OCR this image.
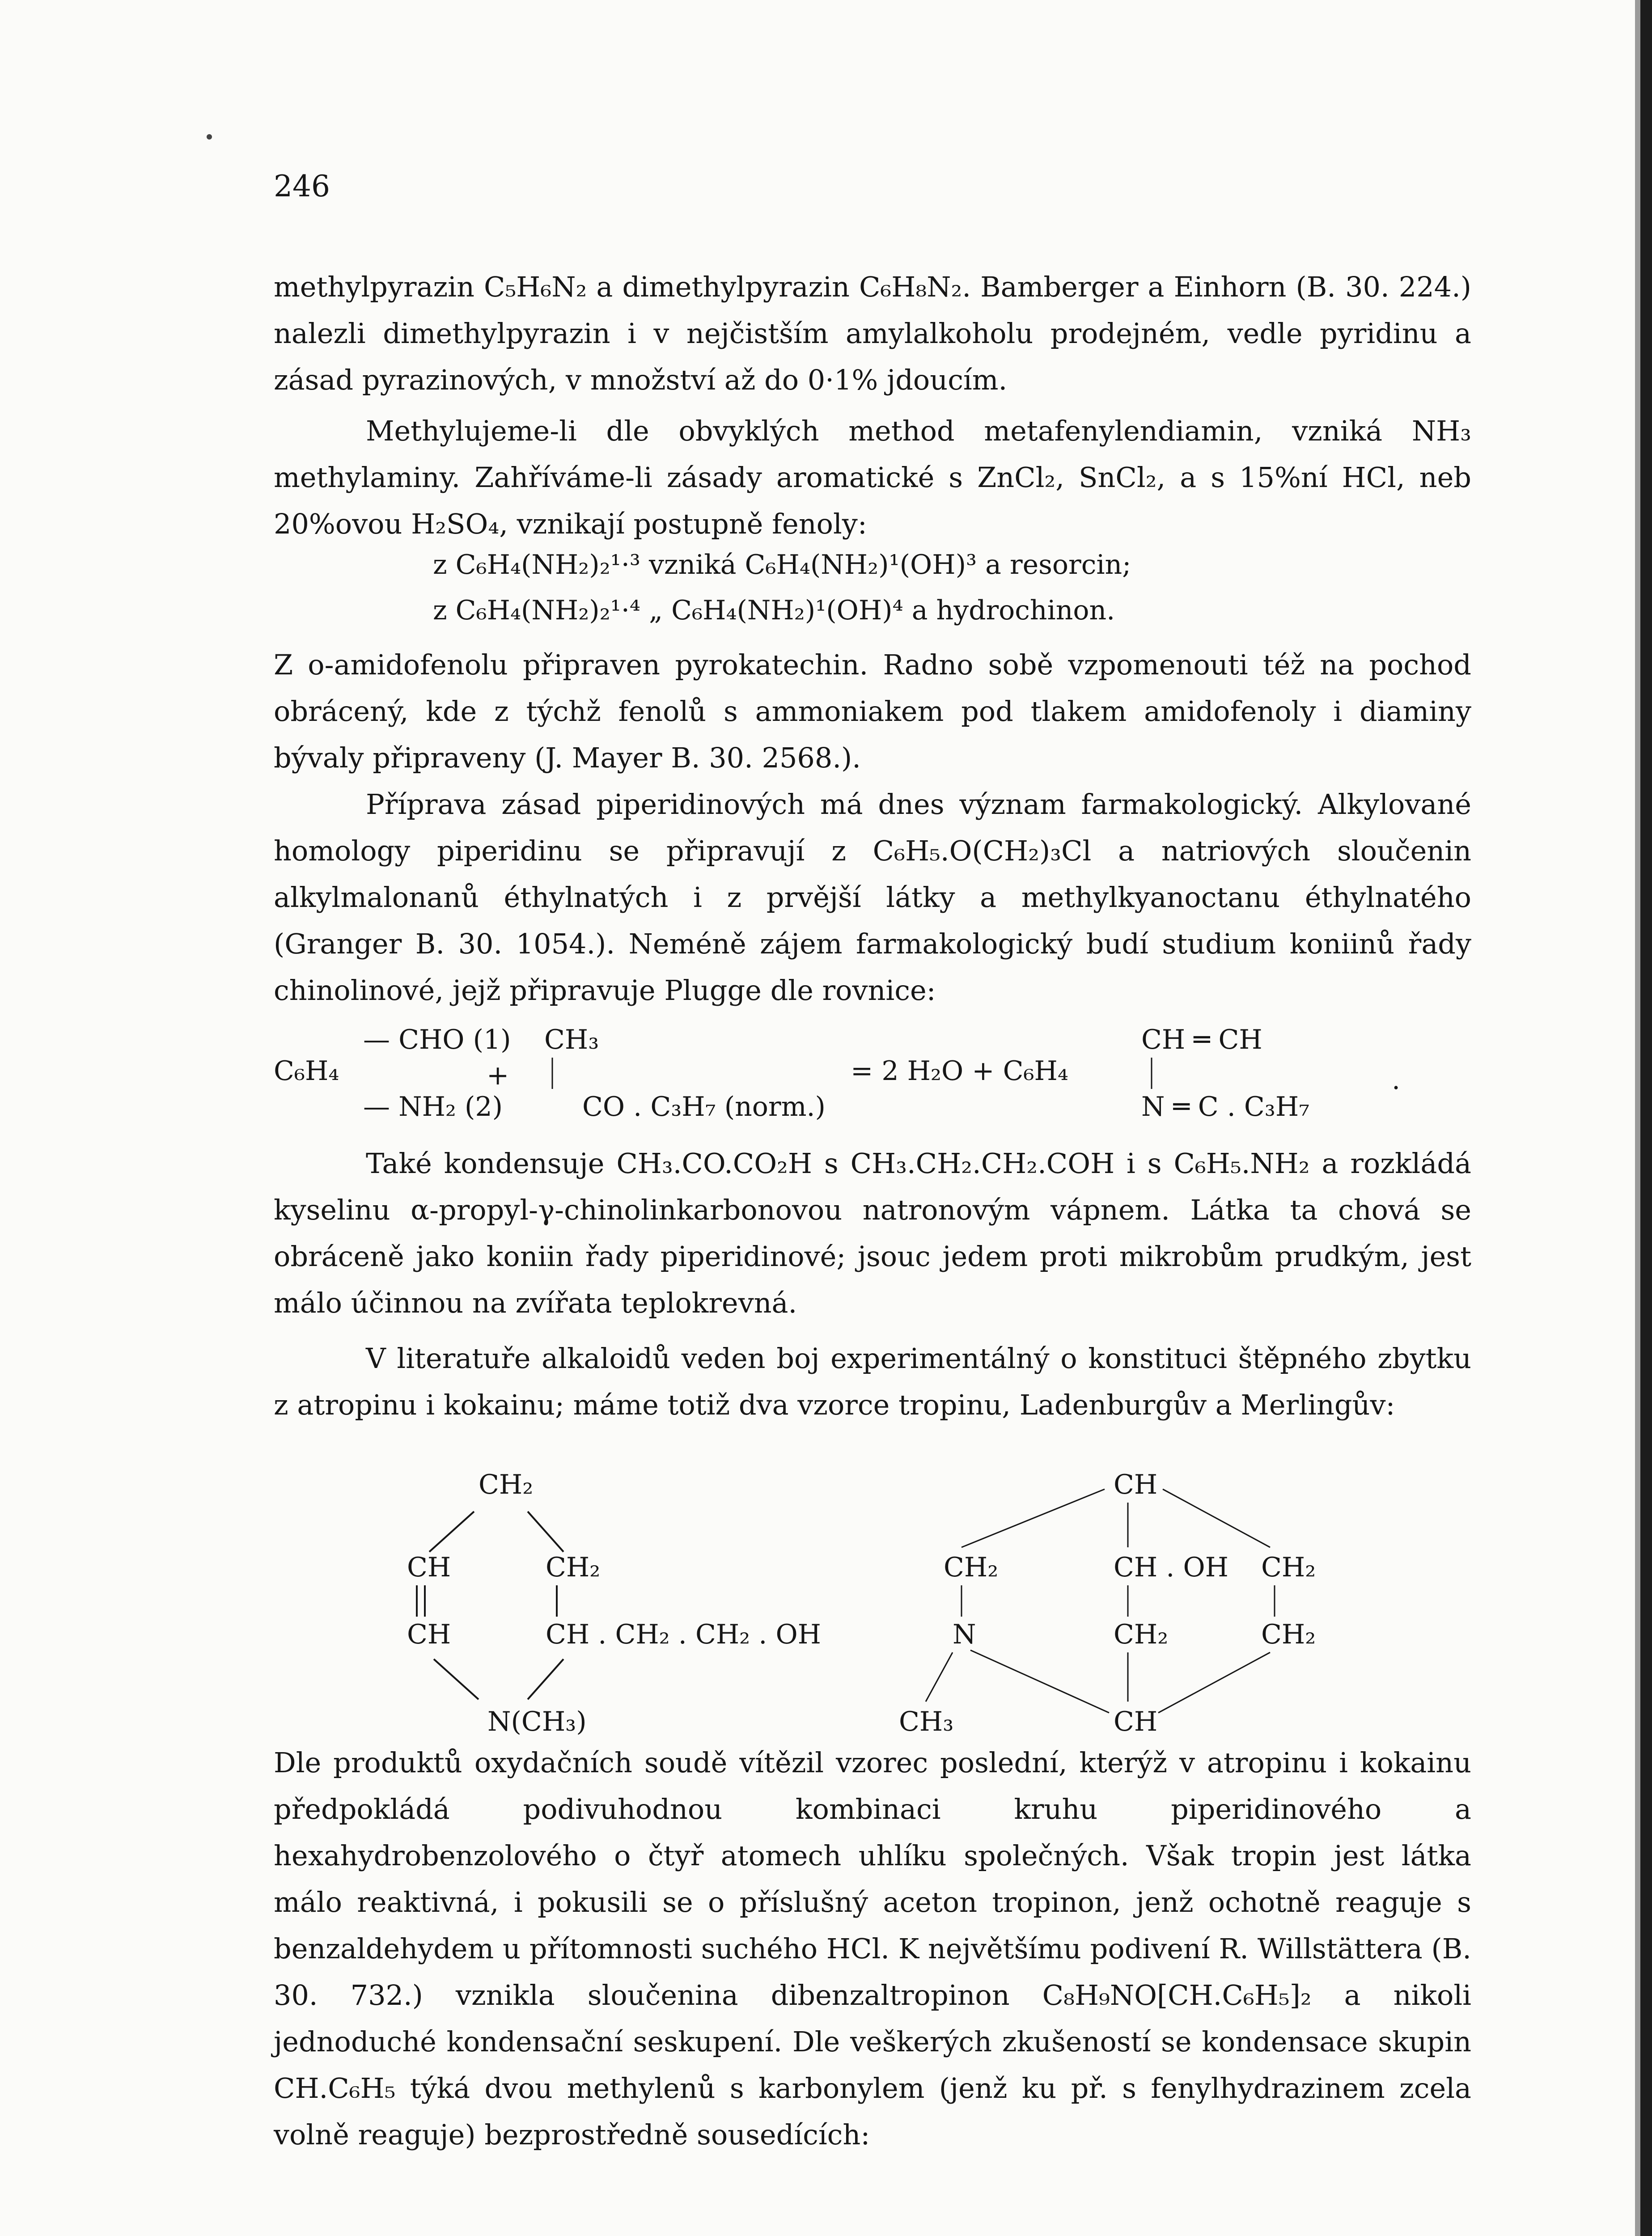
246

methylpyrazin C₅H₆N₂ a dimethylpyrazin C₆H₈N₂. Bamberger a Einhorn (B. 30. 224.) nalezli dimethylpyrazin i v nejčistším amylalkoholu prodejném, vedle pyridinu a zásad pyrazinových, v množství až do 0·1% jdoucím.

Methylujeme-li dle obvyklých method metafenylendiamin, vzniká NH₃ methylaminy. Zahříváme-li zásady aromatické s ZnCl₂, SnCl₂, a s 15%ní HCl, neb 20%ovou H₂SO₄, vznikají postupně fenoly:

z C₆H₄(NH₂)₂¹·³ vzniká C₆H₄(NH₂)¹(OH)³ a resorcin;
z C₆H₄(NH₂)₂¹·⁴ „ C₆H₄(NH₂)¹(OH)⁴ a hydrochinon.

Z o-amidofenolu připraven pyrokatechin. Radno sobě vzpomenouti též na pochod obrácený, kde z týchž fenolů s ammoniakem pod tlakem amidofenoly i diaminy bývaly připraveny (J. Mayer B. 30. 2568.).

Příprava zásad piperidinových má dnes význam farmakologický. Alkylované homology piperidinu se připravují z C₆H₅.O(CH₂)₃Cl a natriových sloučenin alkylmalonanů éthylnatých i z prvější látky a methylkyanoctanu éthylnatého (Granger B. 30. 1054.). Neméně zájem farmakologický budí studium koniinů řady chinolinové, jejž připravuje Plugge dle rovnice:

— CHO (1)
C₆H₄
— NH₂ (2)
CH₃
+
CO . C₃H₇ (norm.)
= 2 H₂O + C₆H₄
CH ═ CH
N ═ C . C₃H₇
.

Také kondensuje CH₃.CO.CO₂H s CH₃.CH₂.CH₂.COH i s C₆H₅.NH₂ a rozkládá kyselinu α-propyl-γ-chinolinkarbonovou natronovým vápnem. Látka ta chová se obráceně jako koniin řady piperidinové; jsouc jedem proti mikrobům prudkým, jest málo účinnou na zvířata teplokrevná.

V literatuře alkaloidů veden boj experimentálný o konstituci štěpného zbytku z atropinu i kokainu; máme totiž dva vzorce tropinu, Ladenburgův a Merlingův:

CH₂
CH	CH₂
CH	CH . CH₂ . CH₂ . OH
N(CH₃)
CH
CH₂	CH . OH CH₂
N	CH₂	CH₂
CH₃	CH

Dle produktů oxydačních soudě vítězil vzorec poslední, kterýž v atropinu i kokainu předpokládá podivuhodnou kombinaci kruhu piperidinového a hexahydrobenzolového o čtyř atomech uhlíku společných. Však tropin jest látka málo reaktivná, i pokusili se o příslušný aceton tropinon, jenž ochotně reaguje s benzaldehydem u přítomnosti suchého HCl. K největšímu podivení R. Willstättera (B. 30. 732.) vznikla sloučenina dibenzaltropinon C₈H₉NO[CH.C₆H₅]₂ a nikoli jednoduché kondensační seskupení. Dle veškerých zkušeností se kondensace skupin CH.C₆H₅ týká dvou methylenů s karbonylem (jenž ku př. s fenylhydrazinem zcela volně reaguje) bezprostředně sousedících:
